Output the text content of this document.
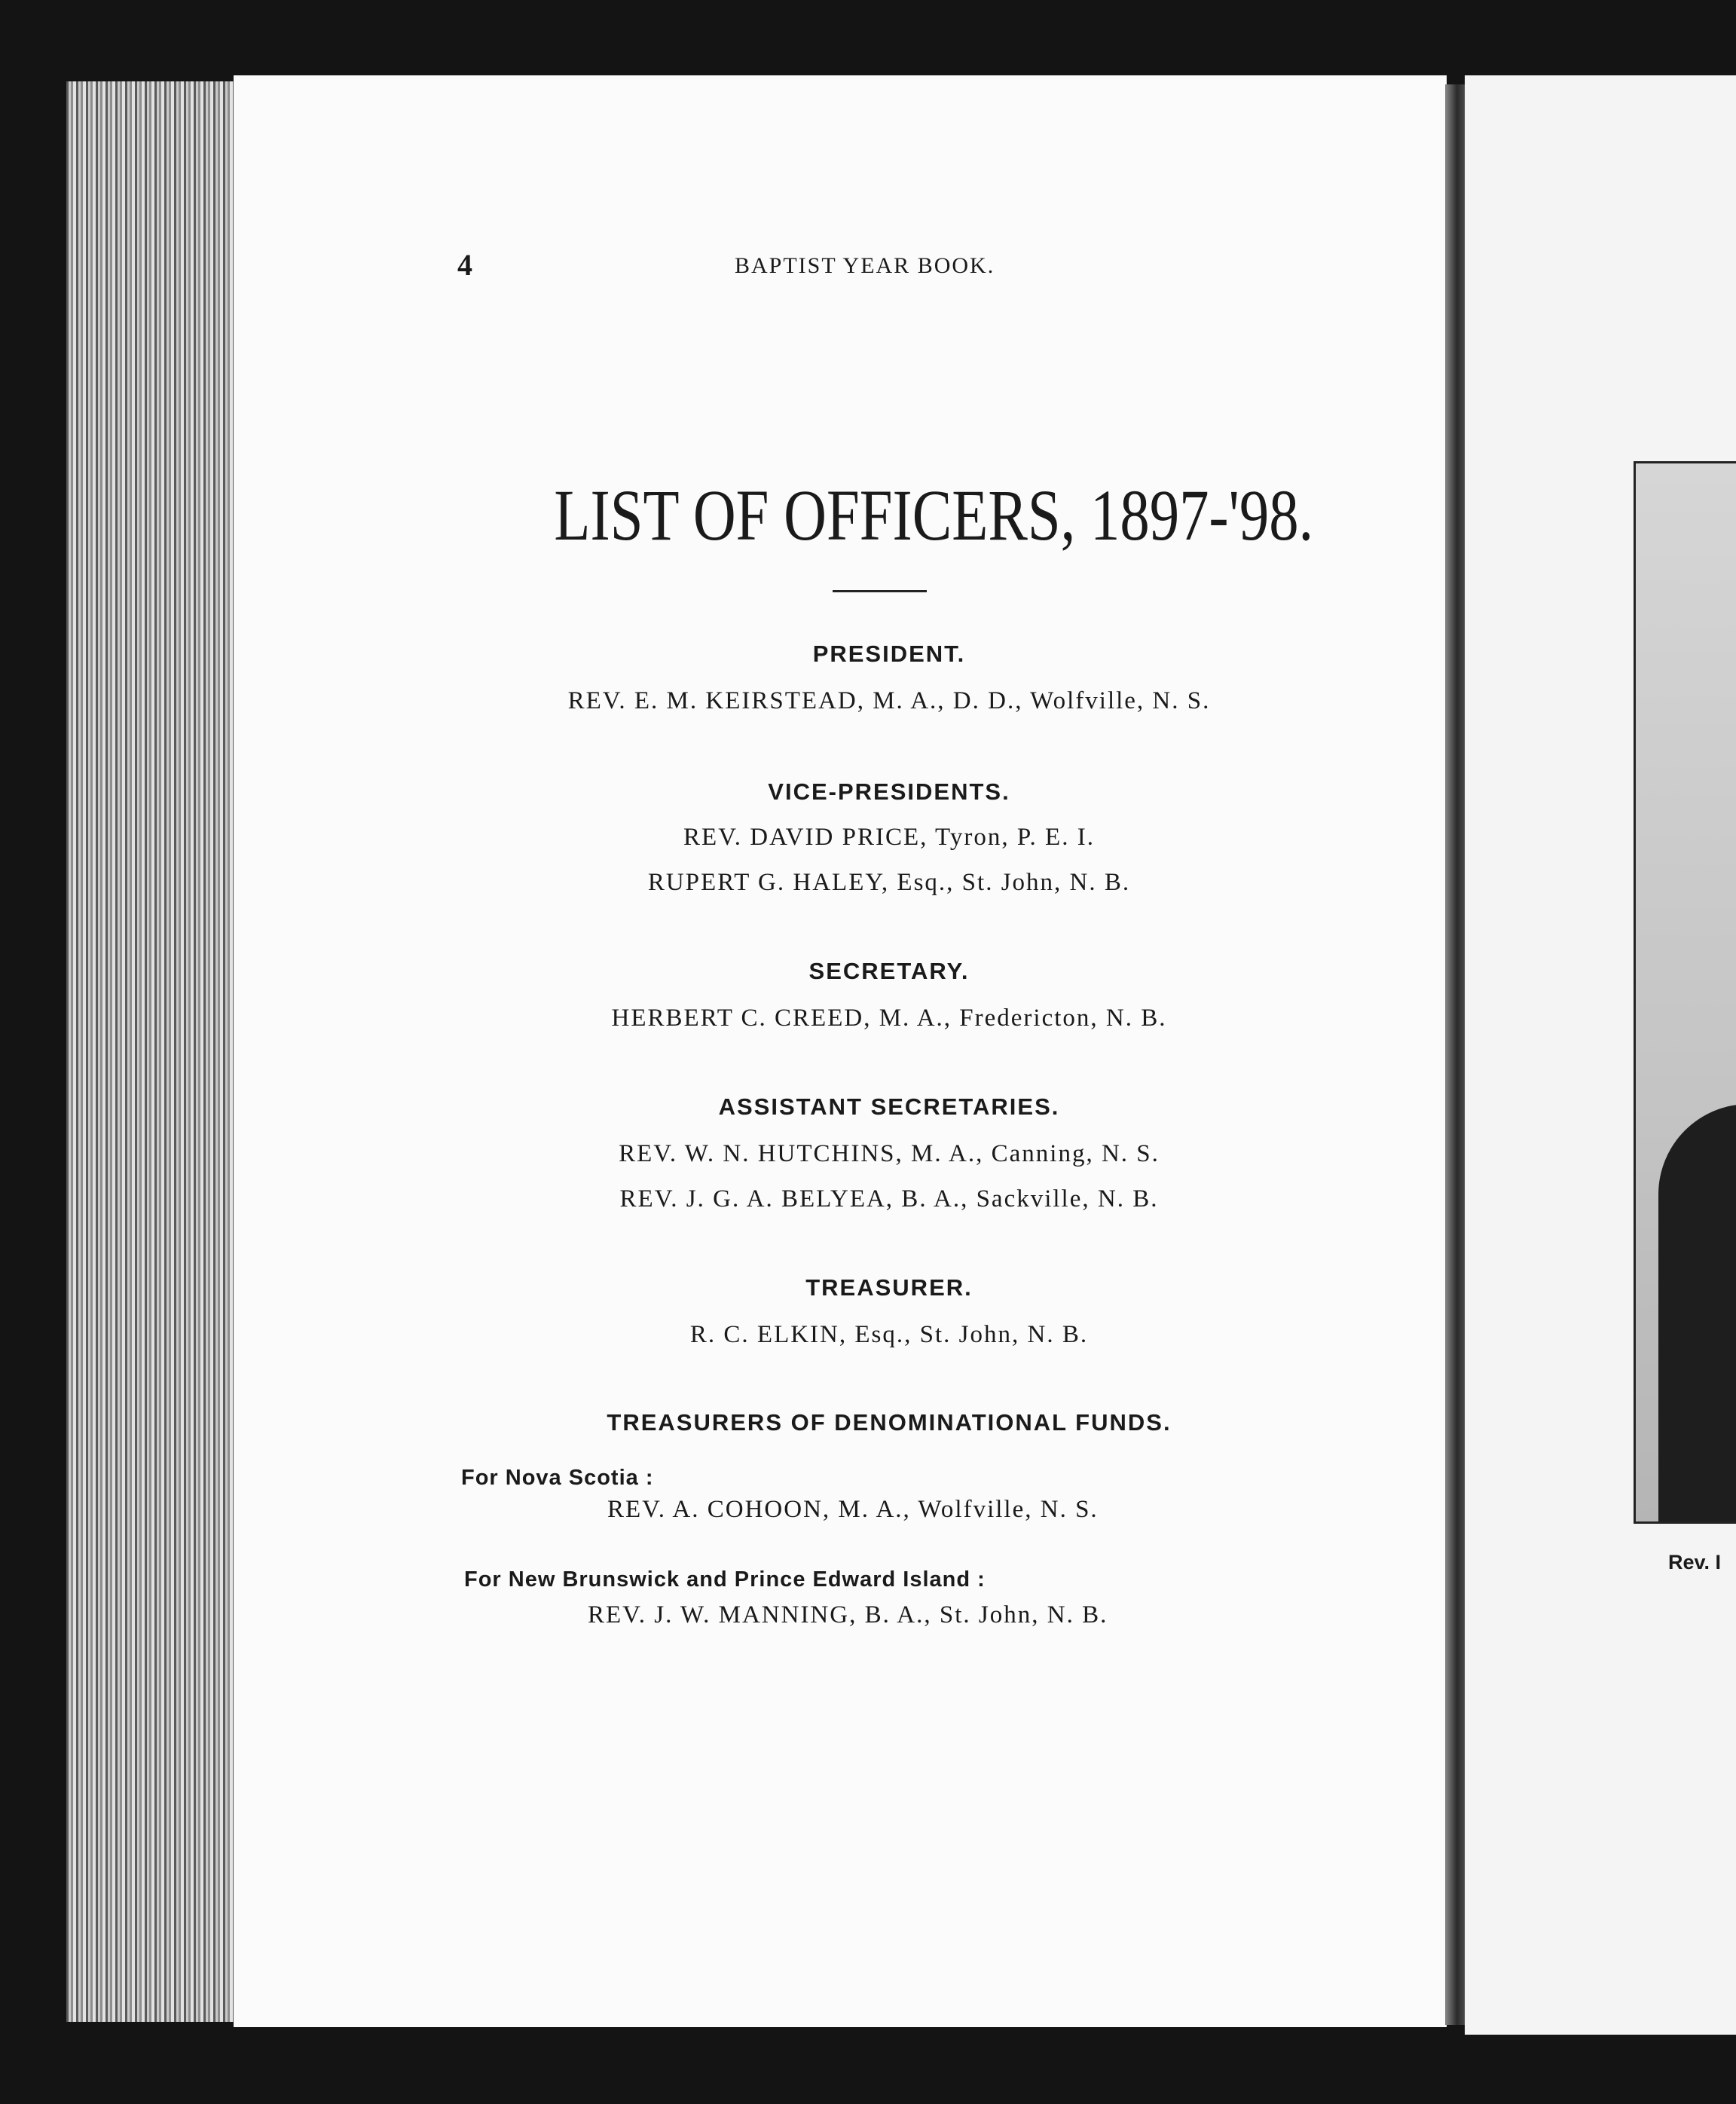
Rev. I
4	BAPTIST YEAR BOOK.
LIST OF OFFICERS, 1897-'98.
PRESIDENT.
REV. E. M. KEIRSTEAD, M. A., D. D., Wolfville, N. S.
VICE-PRESIDENTS.
REV. DAVID PRICE, Tyron, P. E. I.
RUPERT G. HALEY, Esq., St. John, N. B.
SECRETARY.
HERBERT C. CREED, M. A., Fredericton, N. B.
ASSISTANT SECRETARIES.
REV. W. N. HUTCHINS, M. A., Canning, N. S.
REV. J. G. A. BELYEA, B. A., Sackville, N. B.
TREASURER.
R. C. ELKIN, Esq., St. John, N. B.
TREASURERS OF DENOMINATIONAL FUNDS.
For Nova Scotia :
REV. A. COHOON, M. A., Wolfville, N. S.
For New Brunswick and Prince Edward Island :
REV. J. W. MANNING, B. A., St. John, N. B.
